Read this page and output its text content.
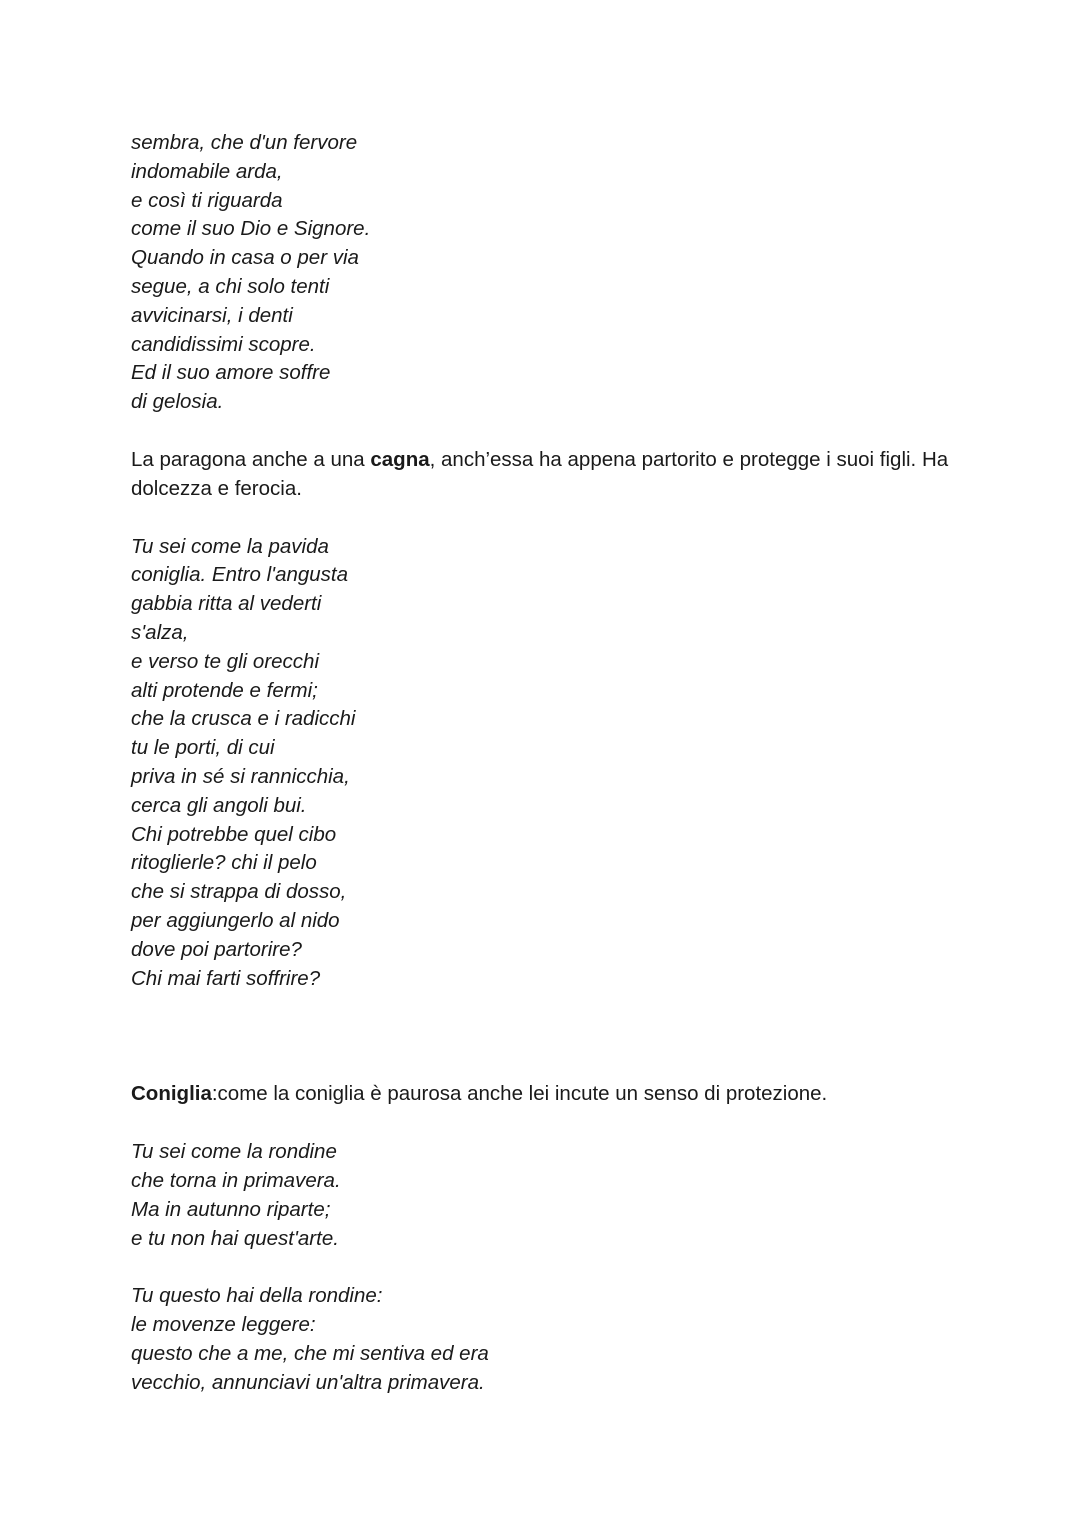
sembra, che d'un fervore
indomabile arda,
e così ti riguarda
come il suo Dio e Signore.
Quando in casa o per via
segue, a chi solo tenti
avvicinarsi, i denti
candidissimi scopre.
Ed il suo amore soffre
di gelosia.

La paragona anche a una cagna, anch’essa ha appena partorito e protegge i suoi figli. Ha dolcezza e ferocia.

Tu sei come la pavida
coniglia. Entro l'angusta
gabbia ritta al vederti
s'alza,
e verso te gli orecchi
alti protende e fermi;
che la crusca e i radicchi
tu le porti, di cui
priva in sé si rannicchia,
cerca gli angoli bui.
Chi potrebbe quel cibo
ritoglierle? chi il pelo
che si strappa di dosso,
per aggiungerlo al nido
dove poi partorire?
Chi mai farti soffrire?

Coniglia:come la coniglia è paurosa anche lei incute un senso di protezione.

Tu sei come la rondine
che torna in primavera.
Ma in autunno riparte;
e tu non hai quest'arte.
Tu questo hai della rondine:
le movenze leggere:
questo che a me, che mi sentiva ed era
vecchio, annunciavi un'altra primavera.
